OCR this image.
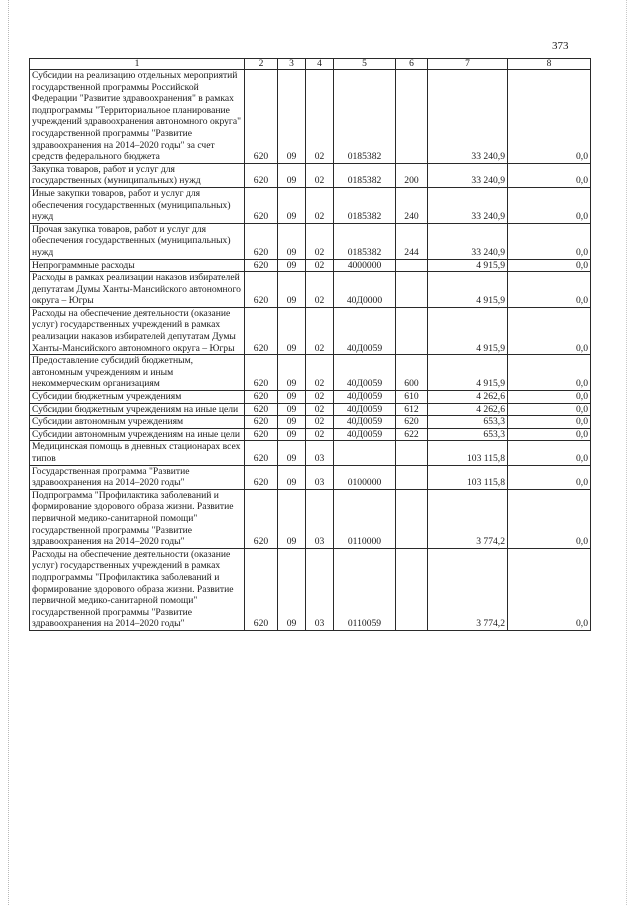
373
1	2	3	4	5	6	7	8
Субсидии на реализацию отдельных мероприятий государственной программы Российской Федерации "Развитие здравоохранения" в рамках подпрограммы "Территориальное планирование учреждений здравоохранения автономного округа" государственной программы "Развитие здравоохранения на 2014–2020 годы" за счет средств федерального бюджета	620	09	02	0185382		33 240,9	0,0
Закупка товаров, работ и услуг для государственных (муниципальных) нужд	620	09	02	0185382	200	33 240,9	0,0
Иные закупки товаров, работ и услуг для обеспечения государственных (муниципальных) нужд	620	09	02	0185382	240	33 240,9	0,0
Прочая закупка товаров, работ и услуг для обеспечения государственных (муниципальных) нужд	620	09	02	0185382	244	33 240,9	0,0
Непрограммные расходы	620	09	02	4000000		4 915,9	0,0
Расходы в рамках реализации наказов избирателей депутатам Думы Ханты-Мансийского автономного округа – Югры	620	09	02	40Д0000		4 915,9	0,0
Расходы на обеспечение деятельности (оказание услуг) государственных учреждений в рамках реализации наказов избирателей депутатам Думы Ханты-Мансийского автономного округа – Югры	620	09	02	40Д0059		4 915,9	0,0
Предоставление субсидий бюджетным, автономным учреждениям и иным некоммерческим организациям	620	09	02	40Д0059	600	4 915,9	0,0
Субсидии бюджетным учреждениям	620	09	02	40Д0059	610	4 262,6	0,0
Субсидии бюджетным учреждениям на иные цели	620	09	02	40Д0059	612	4 262,6	0,0
Субсидии автономным учреждениям	620	09	02	40Д0059	620	653,3	0,0
Субсидии автономным учреждениям на иные цели	620	09	02	40Д0059	622	653,3	0,0
Медицинская помощь в дневных стационарах всех типов	620	09	03			103 115,8	0,0
Государственная программа "Развитие здравоохранения на 2014–2020 годы"	620	09	03	0100000		103 115,8	0,0
Подпрограмма "Профилактика заболеваний и формирование здорового образа жизни. Развитие первичной медико-санитарной помощи" государственной программы "Развитие здравоохранения на 2014–2020 годы"	620	09	03	0110000		3 774,2	0,0
Расходы на обеспечение деятельности (оказание услуг) государственных учреждений в рамках подпрограммы "Профилактика заболеваний и формирование здорового образа жизни. Развитие первичной медико-санитарной помощи" государственной программы "Развитие здравоохранения на 2014–2020 годы"	620	09	03	0110059		3 774,2	0,0
